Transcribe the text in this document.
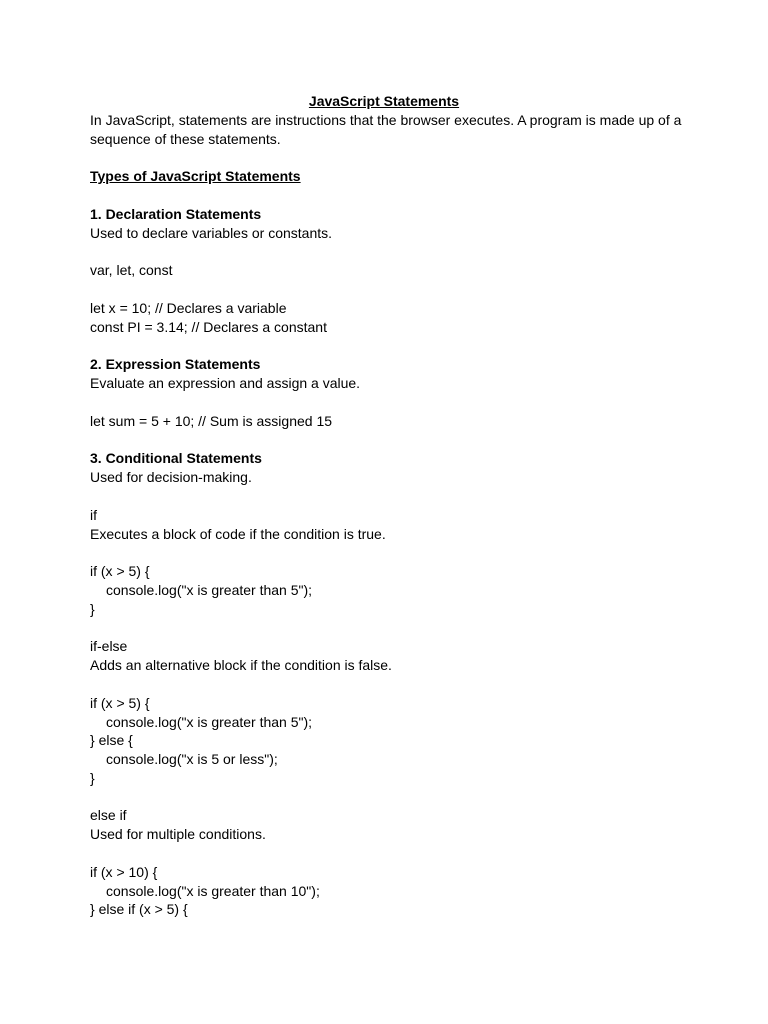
JavaScript Statements
In JavaScript, statements are instructions that the browser executes. A program is made up of a
sequence of these statements.
Types of JavaScript Statements
1. Declaration Statements
Used to declare variables or constants.
var, let, const
let x = 10; // Declares a variable
const PI = 3.14; // Declares a constant
2. Expression Statements
Evaluate an expression and assign a value.
let sum = 5 + 10; // Sum is assigned 15
3. Conditional Statements
Used for decision-making.
if
Executes a block of code if the condition is true.
if (x > 5) {
console.log("x is greater than 5");
}
if-else
Adds an alternative block if the condition is false.
if (x > 5) {
console.log("x is greater than 5");
} else {
console.log("x is 5 or less");
}
else if
Used for multiple conditions.
if (x > 10) {
console.log("x is greater than 10");
} else if (x > 5) {
